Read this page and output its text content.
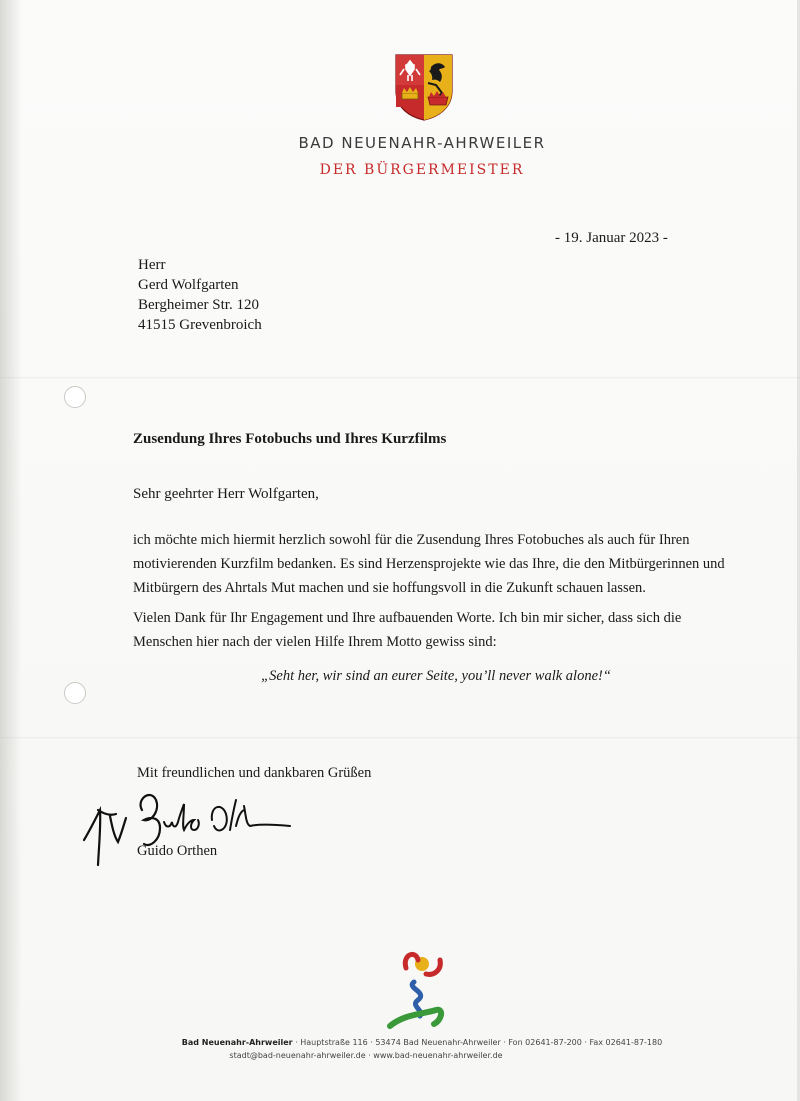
BAD NEUENAHR-AHRWEILER
DER BÜRGERMEISTER
- 19. Januar 2023 -
Herr
Gerd Wolfgarten
Bergheimer Str. 120
41515 Grevenbroich
Zusendung Ihres Fotobuchs und Ihres Kurzfilms
Sehr geehrter Herr Wolfgarten,
ich möchte mich hiermit herzlich sowohl für die Zusendung Ihres Fotobuches als auch für Ihren motivierenden Kurzfilm bedanken. Es sind Herzensprojekte wie das Ihre, die den Mitbürgerinnen und Mitbürgern des Ahrtals Mut machen und sie hoffungsvoll in die Zukunft schauen lassen.
Vielen Dank für Ihr Engagement und Ihre aufbauenden Worte. Ich bin mir sicher, dass sich die Menschen hier nach der vielen Hilfe Ihrem Motto gewiss sind:
„Seht her, wir sind an eurer Seite, you’ll never walk alone!“
Mit freundlichen und dankbaren Grüßen
Guido Orthen
Bad Neuenahr-Ahrweiler · Hauptstraße 116 · 53474 Bad Neuenahr-Ahrweiler · Fon 02641-87-200 · Fax 02641-87-180
stadt@bad-neuenahr-ahrweiler.de · www.bad-neuenahr-ahrweiler.de
